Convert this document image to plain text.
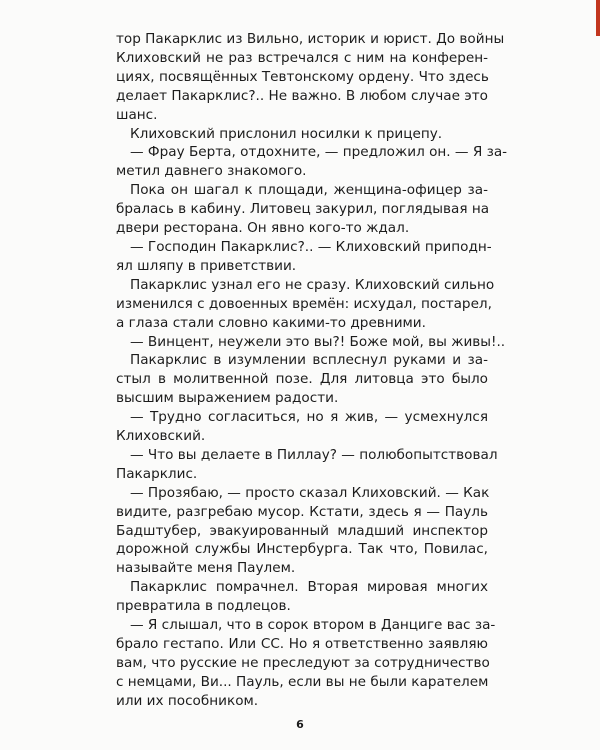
тор Пакарклис из Вильно, историк и юрист. До войны
Клиховский не раз встречался с ним на конферен-
циях, посвящённых Тевтонскому ордену. Что здесь
делает Пакарклис?.. Не важно. В любом случае это
шанс.
Клиховский прислонил носилки к прицепу.
— Фрау Берта, отдохните, — предложил он. — Я за-
метил давнего знакомого.
Пока он шагал к площади, женщина-офицер за-
бралась в кабину. Литовец закурил, поглядывая на
двери ресторана. Он явно кого-то ждал.
— Господин Пакарклис?.. — Клиховский приподн-
ял шляпу в приветствии.
Пакарклис узнал его не сразу. Клиховский сильно
изменился с довоенных времён: исхудал, постарел,
а глаза стали словно какими-то древними.
— Винцент, неужели это вы?! Боже мой, вы живы!..
Пакарклис в изумлении всплеснул руками и за-
стыл в молитвенной позе. Для литовца это было
высшим выражением радости.
— Трудно согласиться, но я жив, — усмехнулся
Клиховский.
— Что вы делаете в Пиллау? — полюбопытствовал
Пакарклис.
— Прозябаю, — просто сказал Клиховский. — Как
видите, разгребаю мусор. Кстати, здесь я — Пауль
Бадштубер, эвакуированный младший инспектор
дорожной службы Инстербурга. Так что, Повилас,
называйте меня Паулем.
Пакарклис помрачнел. Вторая мировая многих
превратила в подлецов.
— Я слышал, что в сорок втором в Данциге вас за-
брало гестапо. Или СС. Но я ответственно заявляю
вам, что русские не преследуют за сотрудничество
с немцами, Ви... Пауль, если вы не были карателем
или их пособником.
6
